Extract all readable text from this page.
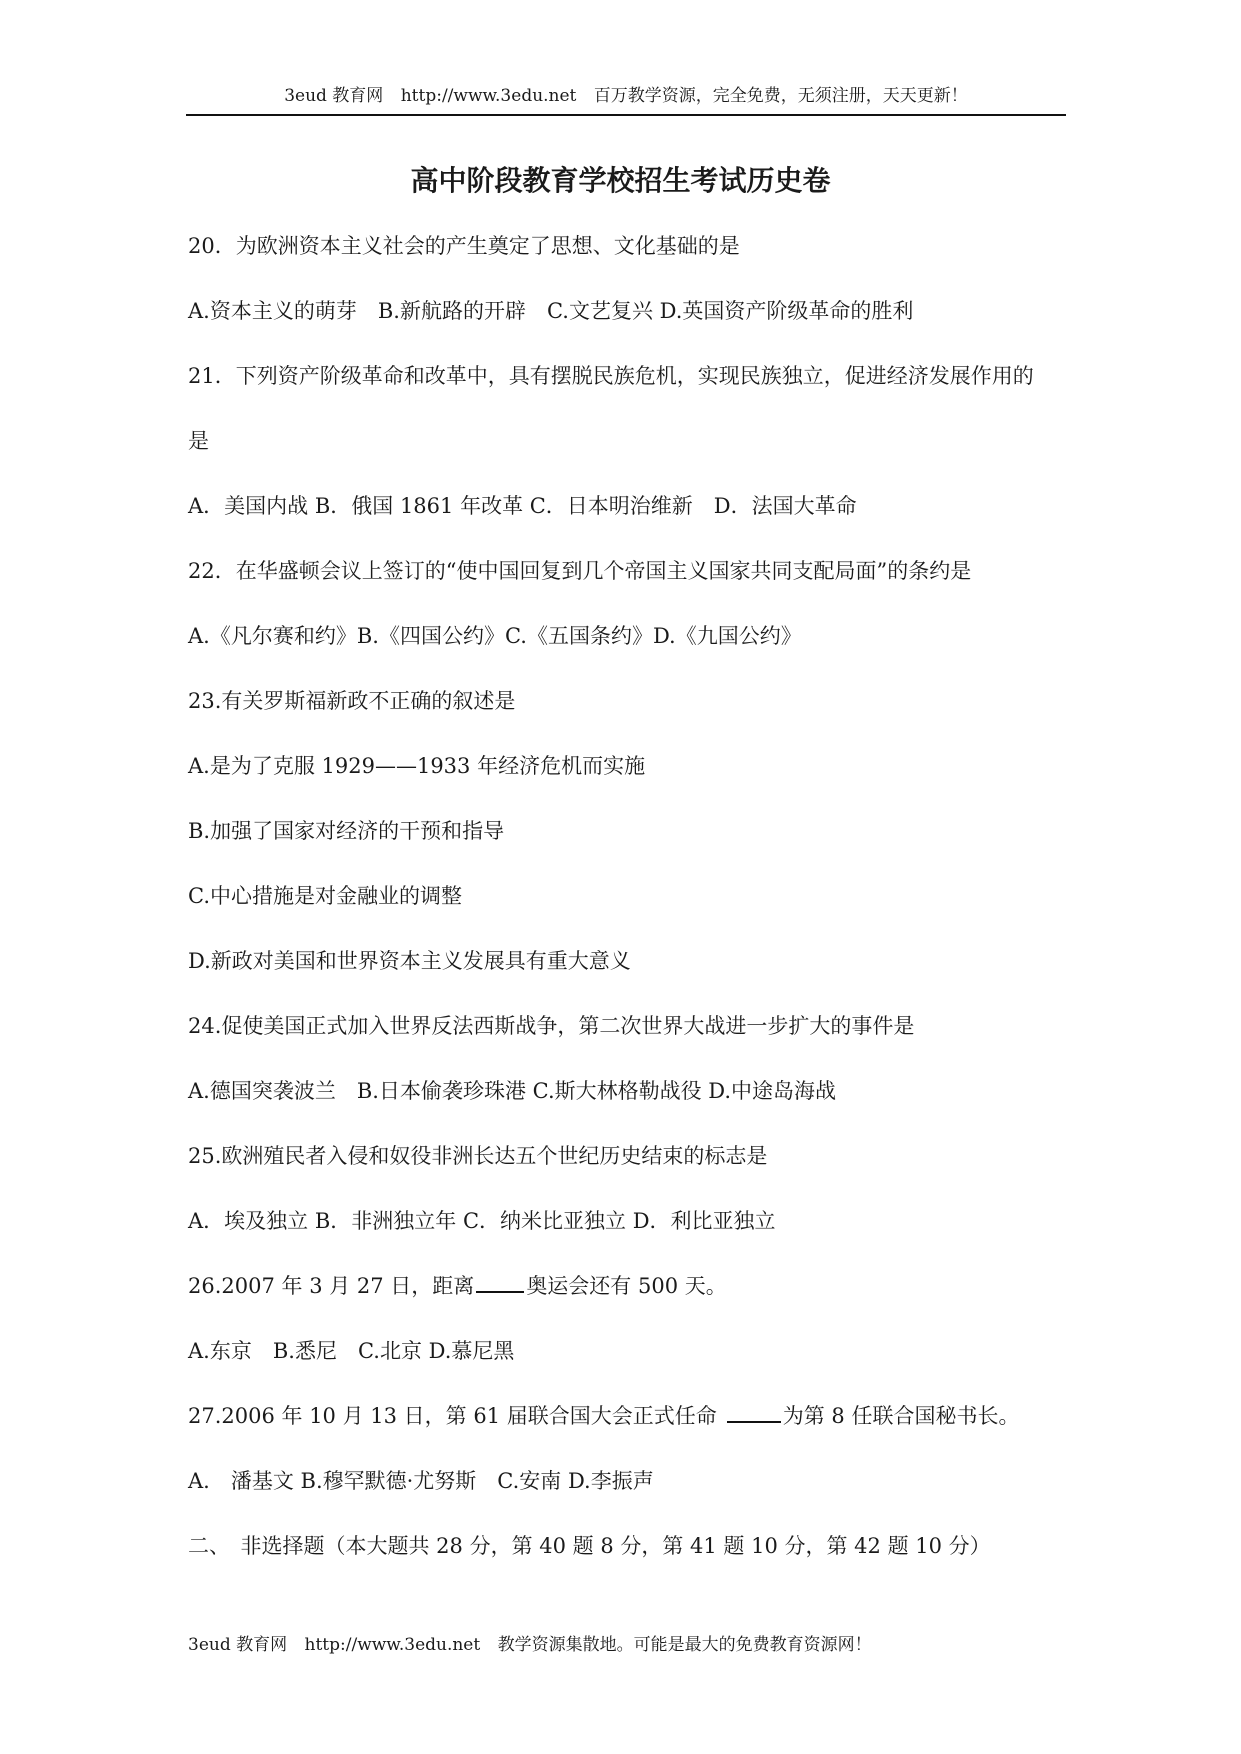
3eud 教育网 http://www.3edu.net 百万教学资源，完全免费，无须注册，天天更新！
高中阶段教育学校招生考试历史卷
20．为欧洲资本主义社会的产生奠定了思想、文化基础的是
A.资本主义的萌芽　B.新航路的开辟　C.文艺复兴 D.英国资产阶级革命的胜利
21．下列资产阶级革命和改革中，具有摆脱民族危机，实现民族独立，促进经济发展作用的
是
A．美国内战 B．俄国 1861 年改革 C．日本明治维新　D．法国大革命
22．在华盛顿会议上签订的“使中国回复到几个帝国主义国家共同支配局面”的条约是
A.《凡尔赛和约》B.《四国公约》C.《五国条约》D.《九国公约》
23.有关罗斯福新政不正确的叙述是
A.是为了克服 1929——1933 年经济危机而实施
B.加强了国家对经济的干预和指导
C.中心措施是对金融业的调整
D.新政对美国和世界资本主义发展具有重大意义
24.促使美国正式加入世界反法西斯战争，第二次世界大战进一步扩大的事件是
A.德国突袭波兰　B.日本偷袭珍珠港 C.斯大林格勒战役 D.中途岛海战
25.欧洲殖民者入侵和奴役非洲长达五个世纪历史结束的标志是
A．埃及独立 B．非洲独立年 C．纳米比亚独立 D．利比亚独立
26.2007 年 3 月 27 日，距离 奥运会还有 500 天。
A.东京　B.悉尼　C.北京 D.慕尼黑
27.2006 年 10 月 13 日，第 61 届联合国大会正式任命	为第 8 任联合国秘书长。
A.　潘基文 B.穆罕默德·尤努斯　C.安南 D.李振声
二、　非选择题（本大题共 28 分，第 40 题 8 分，第 41 题 10 分，第 42 题 10 分）
3eud 教育网 http://www.3edu.net 教学资源集散地。可能是最大的免费教育资源网！
